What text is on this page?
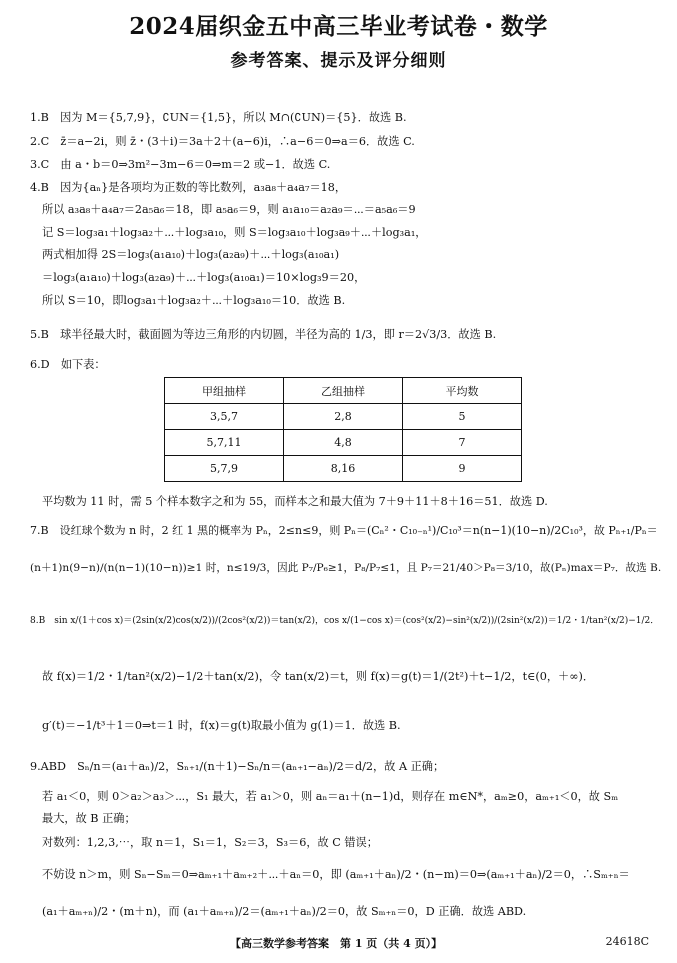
2024届织金五中高三毕业考试卷・数学
参考答案、提示及评分细则
1.B　因为 M＝{5,7,9}，∁UN＝{1,5}，所以 M∩(∁UN)＝{5}．故选 B.
2.C　z̄＝a−2i，则 z̄・(3＋i)＝3a＋2＋(a−6)i，∴a−6＝0⇒a＝6．故选 C.
3.C　由 a・b＝0⇒3m²−3m−6＝0⇒m＝2 或−1．故选 C.
4.B　因为{aₙ}是各项均为正数的等比数列，a₃a₈＋a₄a₇＝18，
所以 a₃a₈＋a₄a₇＝2a₅a₆＝18，即 a₅a₆＝9，则 a₁a₁₀＝a₂a₉＝⋯＝a₅a₆＝9
记 S＝log₃a₁＋log₃a₂＋⋯＋log₃a₁₀，则 S＝log₃a₁₀＋log₃a₉＋⋯＋log₃a₁，
两式相加得 2S＝log₃(a₁a₁₀)＋log₃(a₂a₉)＋⋯＋log₃(a₁₀a₁)
＝log₃(a₁a₁₀)＋log₃(a₂a₉)＋⋯＋log₃(a₁₀a₁)＝10×log₃9＝20，
所以 S＝10，即log₃a₁＋log₃a₂＋⋯＋log₃a₁₀＝10．故选 B.
5.B　球半径最大时，截面圆为等边三角形的内切圆，半径为高的 1/3，即 r＝2√3/3．故选 B.
6.D　如下表：
甲组抽样	乙组抽样	平均数
3,5,7	2,8	5
5,7,11	4,8	7
5,7,9	8,16	9
平均数为 11 时，需 5 个样本数字之和为 55，而样本之和最大值为 7＋9＋11＋8＋16＝51．故选 D.
7.B　设红球个数为 n 时，2 红 1 黑的概率为 Pₙ，2≤n≤9，则 Pₙ＝(Cₙ²・C₁₀₋ₙ¹)/C₁₀³＝n(n−1)(10−n)/2C₁₀³，故 Pₙ₊₁/Pₙ＝
(n＋1)n(9−n)/(n(n−1)(10−n))≥1 时，n≤19/3，因此 P₇/P₆≥1，P₈/P₇≤1，且 P₇＝21/40＞P₈＝3/10，故(Pₙ)max＝P₇．故选 B.
8.B　sin x/(1＋cos x)＝(2sin(x/2)cos(x/2))/(2cos²(x/2))＝tan(x/2)，cos x/(1−cos x)＝(cos²(x/2)−sin²(x/2))/(2sin²(x/2))＝1/2・1/tan²(x/2)−1/2．
故 f(x)＝1/2・1/tan²(x/2)−1/2＋tan(x/2)，令 tan(x/2)＝t，则 f(x)＝g(t)＝1/(2t²)＋t−1/2，t∈(0，＋∞)．
g′(t)＝−1/t³＋1＝0⇒t＝1 时，f(x)＝g(t)取最小值为 g(1)＝1．故选 B.
9.ABD　Sₙ/n＝(a₁＋aₙ)/2，Sₙ₊₁/(n＋1)−Sₙ/n＝(aₙ₊₁−aₙ)/2＝d/2，故 A 正确；
若 a₁＜0，则 0＞a₂＞a₃＞⋯，S₁ 最大，若 a₁＞0，则 aₙ＝a₁＋(n−1)d，则存在 m∈N*，aₘ≥0，aₘ₊₁＜0，故 Sₘ
最大，故 B 正确；
对数列：1,2,3,⋯，取 n＝1，S₁＝1，S₂＝3，S₃＝6，故 C 错误；
不妨设 n＞m，则 Sₙ−Sₘ＝0⇒aₘ₊₁＋aₘ₊₂＋⋯＋aₙ＝0，即 (aₘ₊₁＋aₙ)/2・(n−m)＝0⇒(aₘ₊₁＋aₙ)/2＝0，∴Sₘ₊ₙ＝
(a₁＋aₘ₊ₙ)/2・(m＋n)，而 (a₁＋aₘ₊ₙ)/2＝(aₘ₊₁＋aₙ)/2＝0，故 Sₘ₊ₙ＝0，D 正确．故选 ABD.
【高三数学参考答案　第 1 页（共 4 页）】	24618C
